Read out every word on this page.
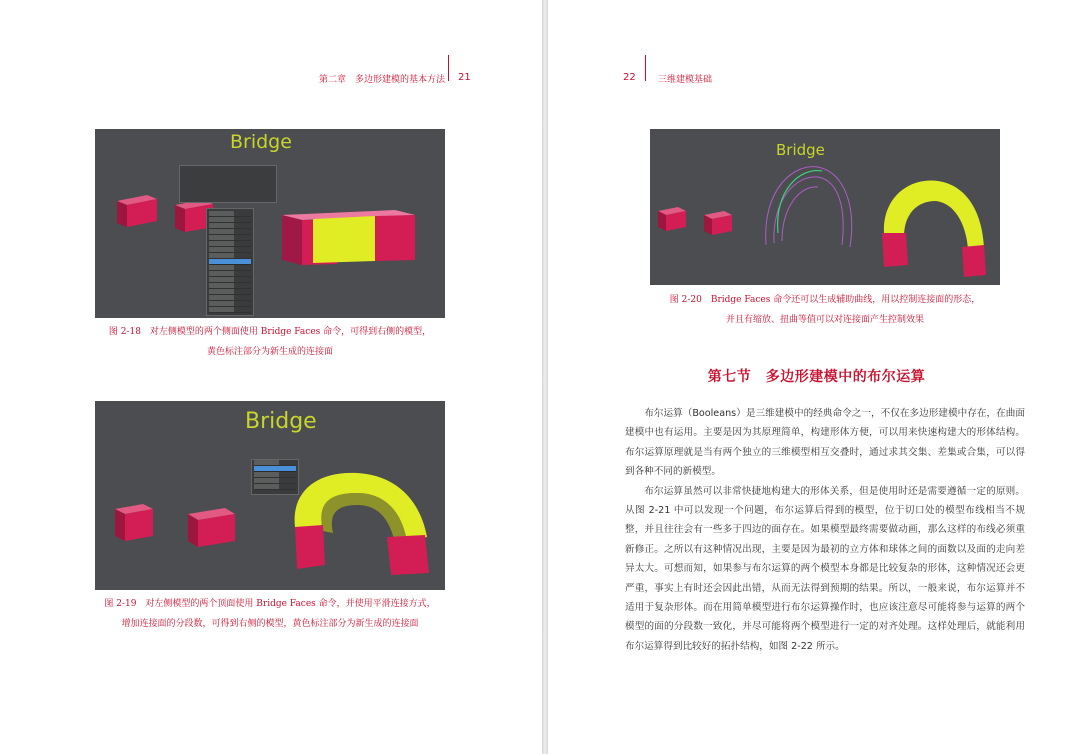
第二章　多边形建模的基本方法 21
Bridge
图 2-18　对左侧模型的两个侧面使用 Bridge Faces 命令，可得到右侧的模型，
黄色标注部分为新生成的连接面
Bridge
图 2-19　对左侧模型的两个顶面使用 Bridge Faces 命令，并使用平滑连接方式，
增加连接面的分段数，可得到右侧的模型，黄色标注部分为新生成的连接面
22 三维建模基础
Bridge
图 2-20　Bridge Faces 命令还可以生成辅助曲线，用以控制连接面的形态，
并且有缩放、扭曲等值可以对连接面产生控制效果
第七节　多边形建模中的布尔运算

布尔运算（Booleans）是三维建模中的经典命令之一，不仅在多边形建模中存在，在曲面建模中也有运用。主要是因为其原理简单，构建形体方便，可以用来快速构建大的形体结构。布尔运算原理就是当有两个独立的三维模型相互交叠时，通过求其交集、差集或合集，可以得到各种不同的新模型。

布尔运算虽然可以非常快捷地构建大的形体关系，但是使用时还是需要遵循一定的原则。从图 2-21 中可以发现一个问题，布尔运算后得到的模型，位于切口处的模型布线相当不规整，并且往往会有一些多于四边的面存在。如果模型最终需要做动画，那么这样的布线必须重新修正。之所以有这种情况出现，主要是因为最初的立方体和球体之间的面数以及面的走向差异太大。可想而知，如果参与布尔运算的两个模型本身都是比较复杂的形体，这种情况还会更严重，事实上有时还会因此出错，从而无法得到预期的结果。所以，一般来说，布尔运算并不适用于复杂形体。而在用简单模型进行布尔运算操作时，也应该注意尽可能将参与运算的两个模型的面的分段数一致化，并尽可能将两个模型进行一定的对齐处理。这样处理后，就能利用布尔运算得到比较好的拓扑结构，如图 2-22 所示。
